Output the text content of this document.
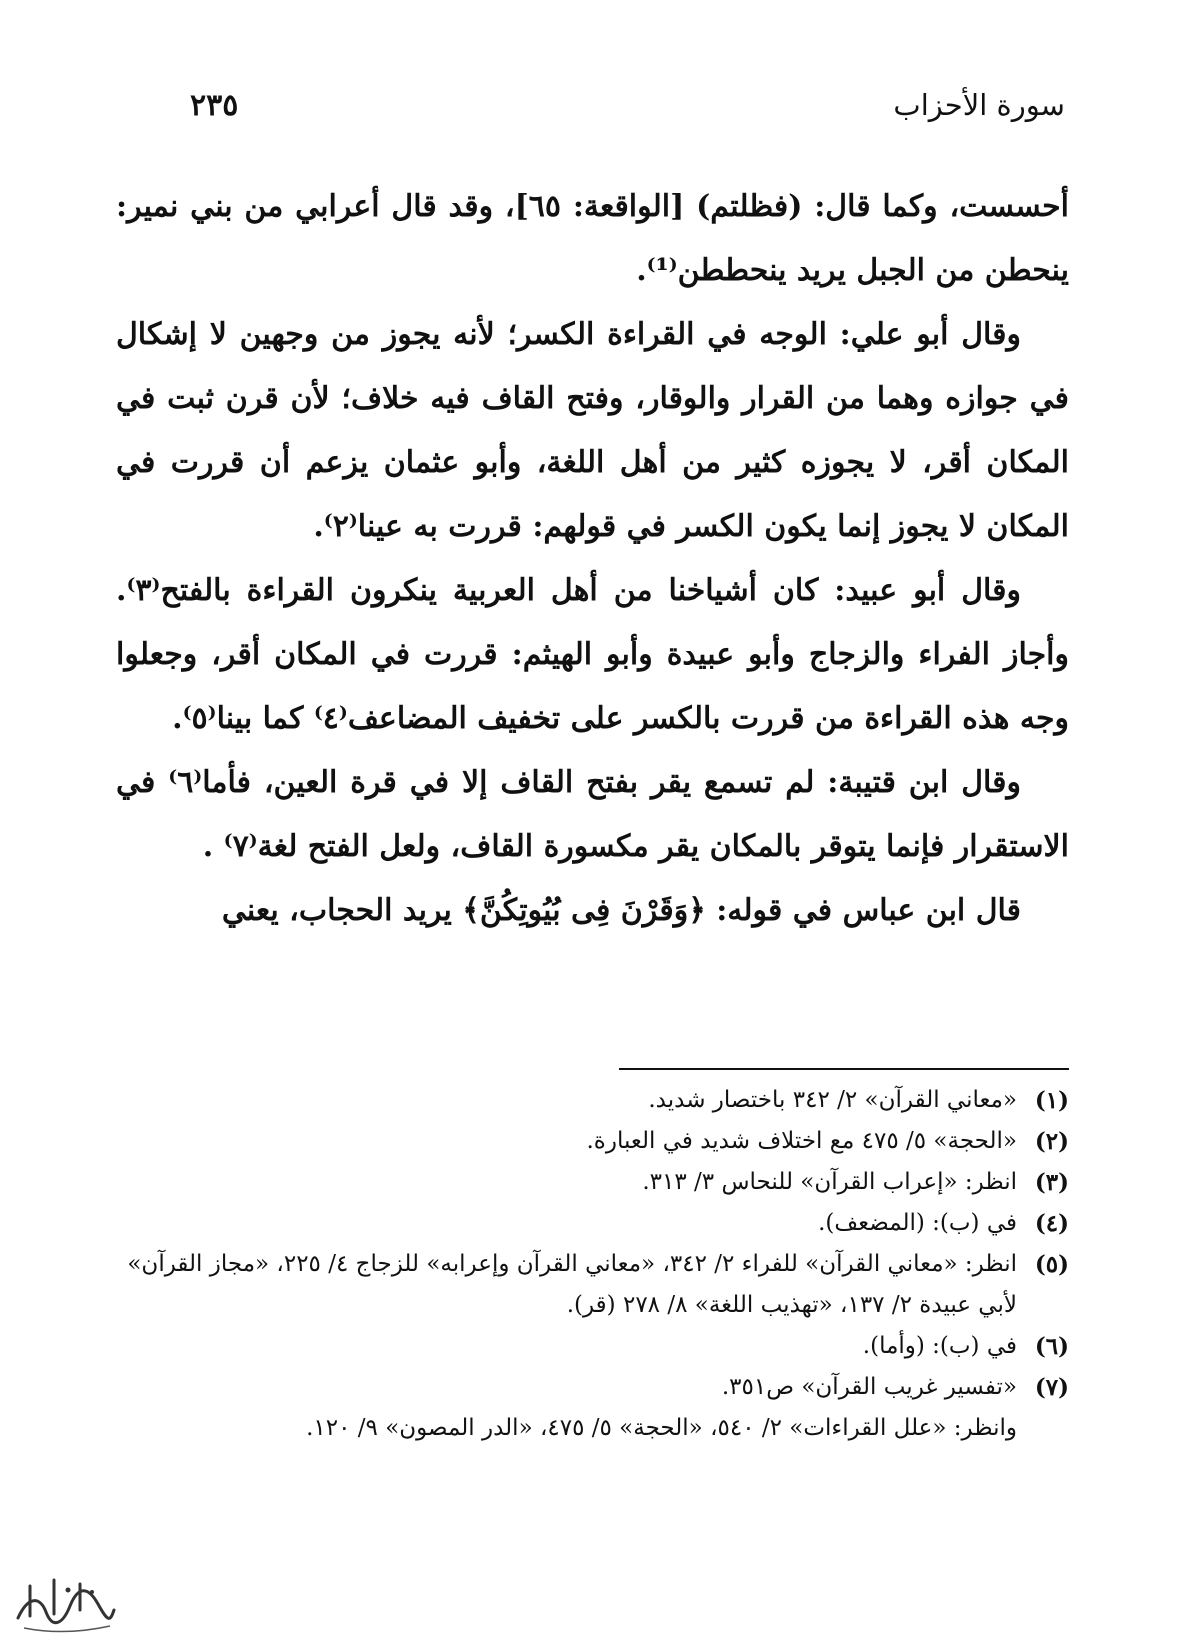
سورة الأحزاب
٢٣٥

أحسست، وكما قال: (فظلتم) [الواقعة: ٦٥]، وقد قال أعرابي من بني نمير: ينحطن من الجبل يريد ينحططن⁽¹⁾.

وقال أبو علي: الوجه في القراءة الكسر؛ لأنه يجوز من وجهين لا إشكال في جوازه وهما من القرار والوقار، وفتح القاف فيه خلاف؛ لأن قرن ثبت في المكان أقر، لا يجوزه كثير من أهل اللغة، وأبو عثمان يزعم أن قررت في المكان لا يجوز إنما يكون الكسر في قولهم: قررت به عينا⁽٢⁾.

وقال أبو عبيد: كان أشياخنا من أهل العربية ينكرون القراءة بالفتح⁽٣⁾. وأجاز الفراء والزجاج وأبو عبيدة وأبو الهيثم: قررت في المكان أقر، وجعلوا وجه هذه القراءة من قررت بالكسر على تخفيف المضاعف⁽٤⁾ كما بينا⁽٥⁾.

وقال ابن قتيبة: لم تسمع يقر بفتح القاف إلا في قرة العين، فأما⁽٦⁾ في الاستقرار فإنما يتوقر بالمكان يقر مكسورة القاف، ولعل الفتح لغة⁽٧⁾ .

قال ابن عباس في قوله: ﴿وَقَرْنَ فِى بُيُوتِكُنَّ﴾ يريد الحجاب، يعني

(١)
«معاني القرآن» ٢/ ٣٤٢ باختصار شديد.
(٢)
«الحجة» ٥/ ٤٧٥ مع اختلاف شديد في العبارة.
(٣)
انظر: «إعراب القرآن» للنحاس ٣/ ٣١٣.
(٤)
في (ب): (المضعف).
(٥)
انظر: «معاني القرآن» للفراء ٢/ ٣٤٢، «معاني القرآن وإعرابه» للزجاج ٤/ ٢٢٥، «مجاز القرآن» لأبي عبيدة ٢/ ١٣٧، «تهذيب اللغة» ٨/ ٢٧٨ (قر).
(٦)
في (ب): (وأما).
(٧)
«تفسير غريب القرآن» ص٣٥١.
وانظر: «علل القراءات» ٢/ ٥٤٠، «الحجة» ٥/ ٤٧٥، «الدر المصون» ٩/ ١٢٠.
